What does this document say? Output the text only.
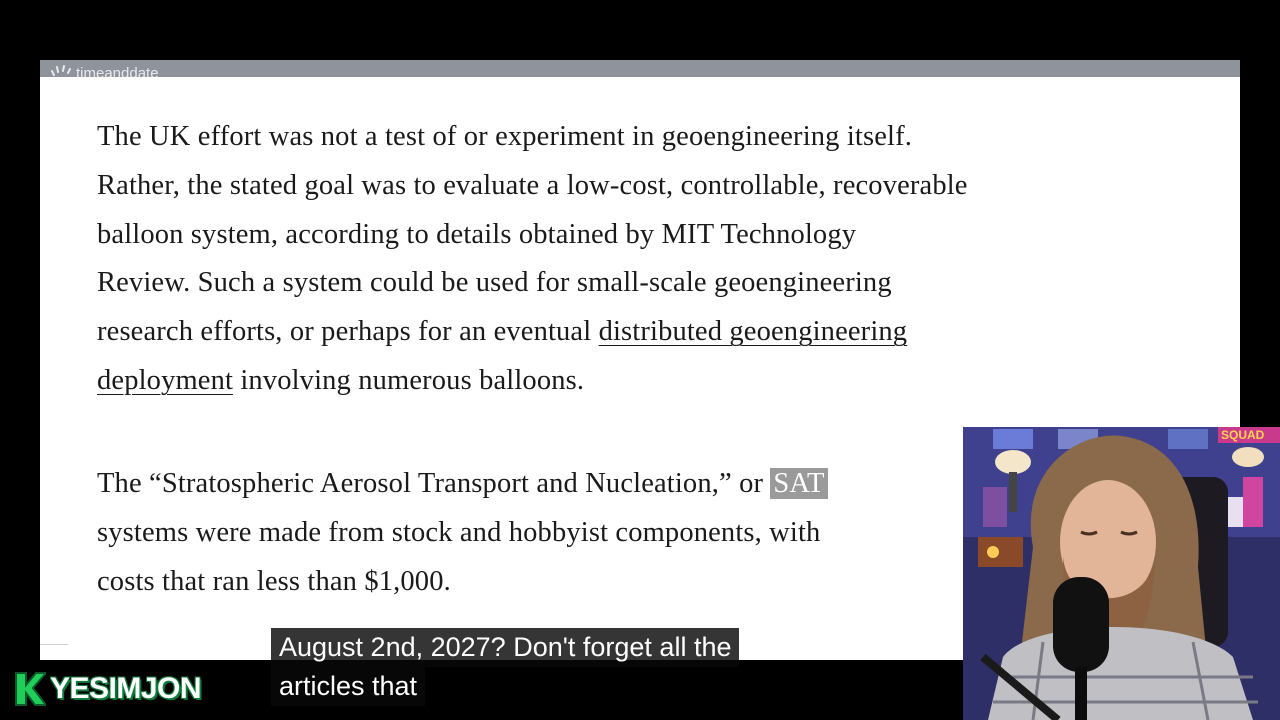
timeanddate

The UK effort was not a test of or experiment in geoengineering itself.
Rather, the stated goal was to evaluate a low-cost, controllable, recoverable
balloon system, according to details obtained by MIT Technology
Review. Such a system could be used for small-scale geoengineering
research efforts, or perhaps for an eventual distributed geoengineering
deployment involving numerous balloons.

The “Stratospheric Aerosol Transport and Nucleation,” or SAT
systems were made from stock and hobbyist components, with
costs that ran less than $1,000.

SQUAD
YESIMJON
August 2nd, 2027? Don't forget all the
articles that
